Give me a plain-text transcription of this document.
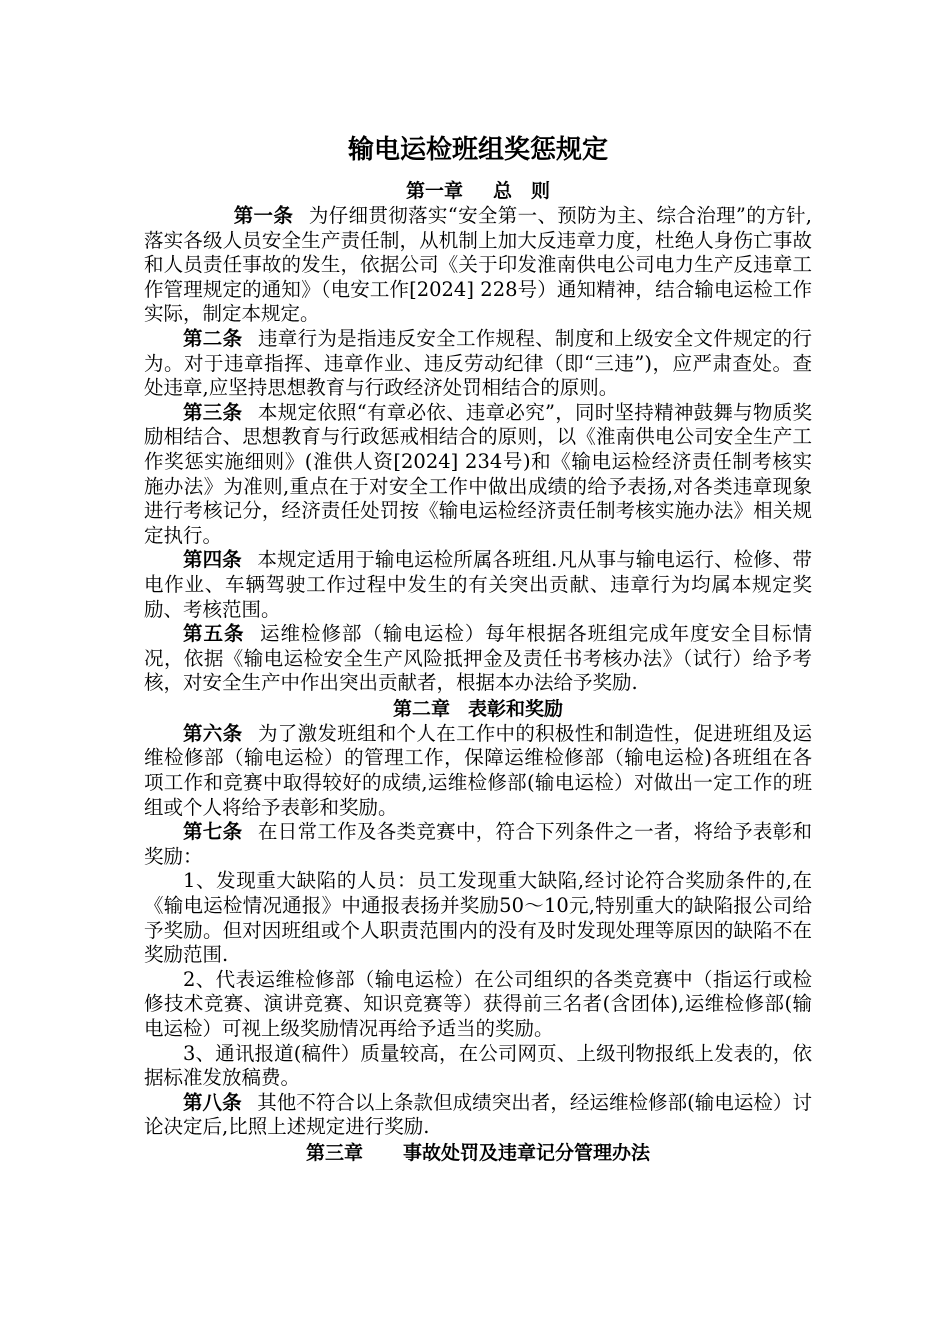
输电运检班组奖惩规定
第一章 总　则

第一条 为仔细贯彻落实“安全第一、预防为主、综合治理”的方针,落实各级人员安全生产责任制，从机制上加大反违章力度，杜绝人身伤亡事故和人员责任事故的发生，依据公司《关于印发淮南供电公司电力生产反违章工作管理规定的通知》（电安工作[2024] 228号）通知精神，结合输电运检工作实际，制定本规定。

第二条 违章行为是指违反安全工作规程、制度和上级安全文件规定的行为。对于违章指挥、违章作业、违反劳动纪律（即“三违”)，应严肃查处。查处违章,应坚持思想教育与行政经济处罚相结合的原则。

第三条 本规定依照“有章必依、违章必究”，同时坚持精神鼓舞与物质奖励相结合、思想教育与行政惩戒相结合的原则，以《淮南供电公司安全生产工作奖惩实施细则》(淮供人资[2024] 234号)和《输电运检经济责任制考核实施办法》为准则,重点在于对安全工作中做出成绩的给予表扬,对各类违章现象进行考核记分，经济责任处罚按《输电运检经济责任制考核实施办法》相关规定执行。

第四条 本规定适用于输电运检所属各班组.凡从事与输电运行、检修、带电作业、车辆驾驶工作过程中发生的有关突出贡献、违章行为均属本规定奖励、考核范围。

第五条 运维检修部（输电运检）每年根据各班组完成年度安全目标情况，依据《输电运检安全生产风险抵押金及责任书考核办法》（试行）给予考核，对安全生产中作出突出贡献者，根据本办法给予奖励.

第二章 表彰和奖励

第六条 为了激发班组和个人在工作中的积极性和制造性，促进班组及运维检修部（输电运检）的管理工作，保障运维检修部（输电运检)各班组在各项工作和竞赛中取得较好的成绩,运维检修部(输电运检）对做出一定工作的班组或个人将给予表彰和奖励。

第七条 在日常工作及各类竞赛中，符合下列条件之一者，将给予表彰和奖励：

1、发现重大缺陷的人员：员工发现重大缺陷,经讨论符合奖励条件的,在《输电运检情况通报》中通报表扬并奖励50～10元,特别重大的缺陷报公司给予奖励。但对因班组或个人职责范围内的没有及时发现处理等原因的缺陷不在奖励范围.

2、代表运维检修部（输电运检）在公司组织的各类竞赛中（指运行或检修技术竞赛、演讲竞赛、知识竞赛等）获得前三名者(含团体),运维检修部(输电运检）可视上级奖励情况再给予适当的奖励。

3、通讯报道(稿件）质量较高，在公司网页、上级刊物报纸上发表的，依据标准发放稿费。

第八条 其他不符合以上条款但成绩突出者，经运维检修部(输电运检）讨论决定后,比照上述规定进行奖励.

第三章 事故处罚及违章记分管理办法
